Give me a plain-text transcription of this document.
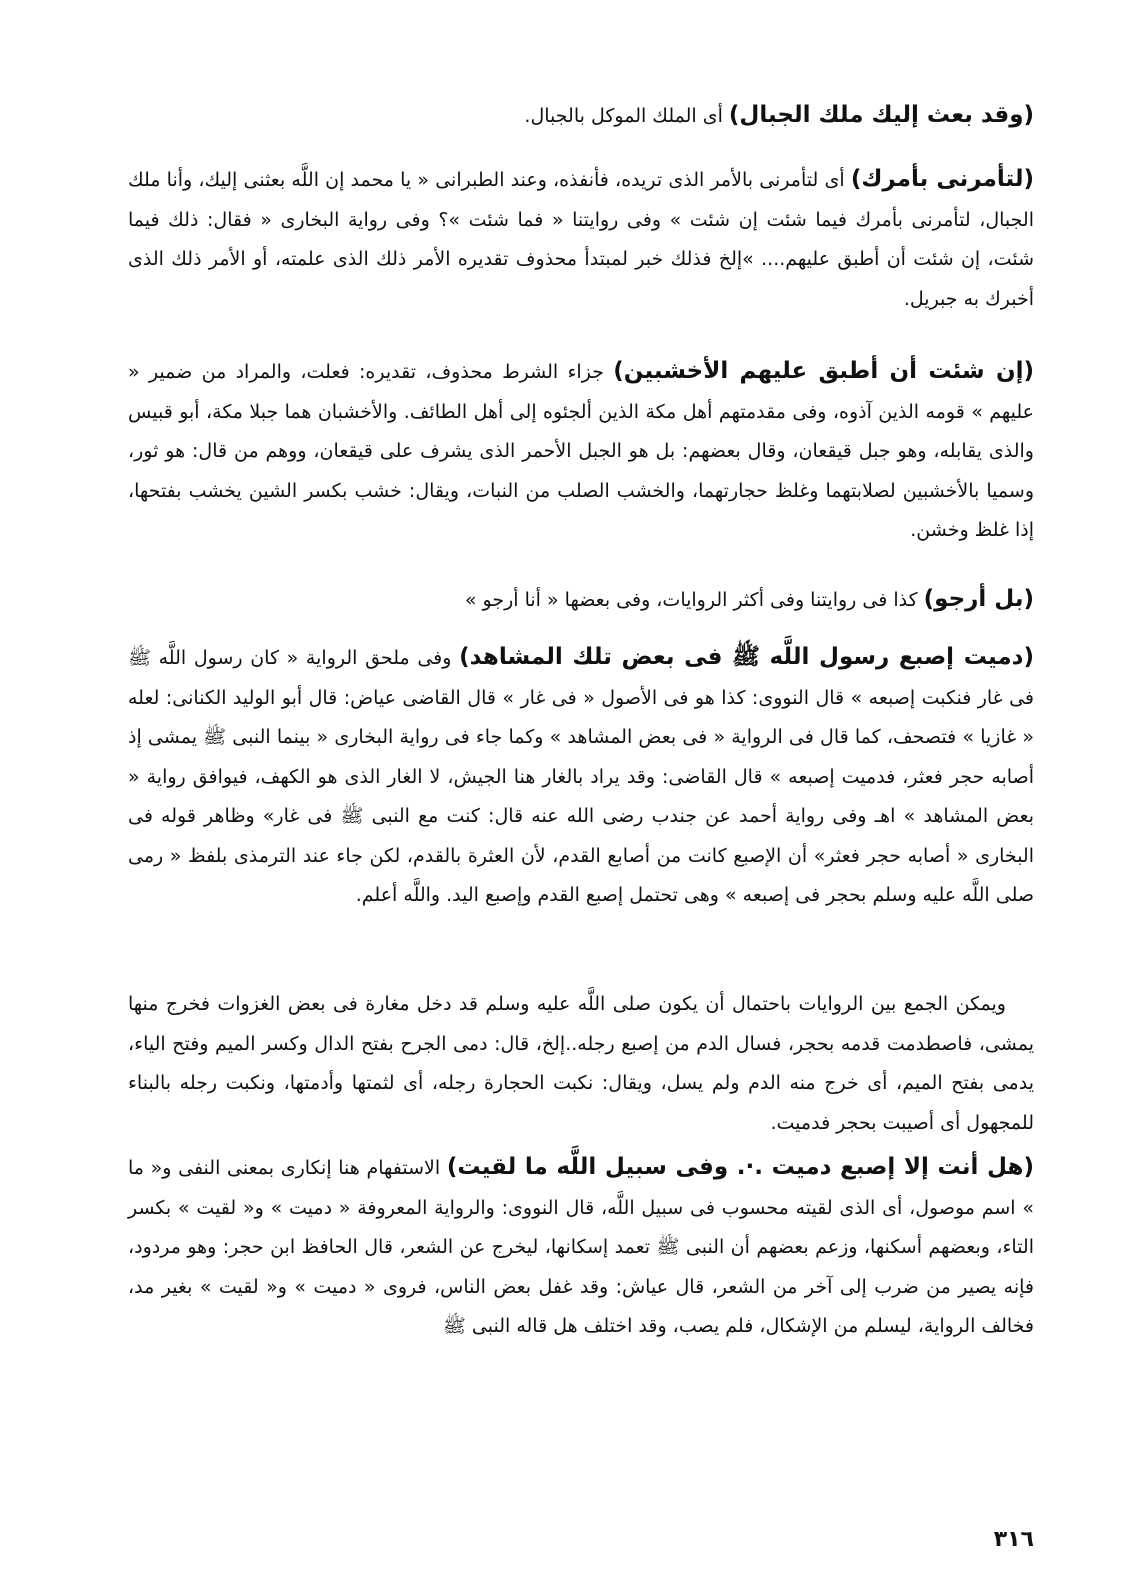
(وقد بعث إليك ملك الجبال) أى الملك الموكل بالجبال.

(لتأمرنى بأمرك) أى لتأمرنى بالأمر الذى تريده، فأنفذه، وعند الطبرانى « يا محمد إن اللَّه بعثنى إليك، وأنا ملك الجبال، لتأمرنى بأمرك فيما شئت إن شئت » وفى روايتنا « فما شئت »؟ وفى رواية البخارى « فقال: ذلك فيما شئت، إن شئت أن أطبق عليهم.... »إلخ فذلك خبر لمبتدأ محذوف تقديره الأمر ذلك الذى علمته، أو الأمر ذلك الذى أخبرك به جبريل.

(إن شئت أن أطبق عليهم الأخشبين) جزاء الشرط محذوف، تقديره: فعلت، والمراد من ضمير « عليهم » قومه الذين آذوه، وفى مقدمتهم أهل مكة الذين ألجئوه إلى أهل الطائف. والأخشبان هما جبلا مكة، أبو قبيس والذى يقابله، وهو جبل قيقعان، وقال بعضهم: بل هو الجبل الأحمر الذى يشرف على قيقعان، ووهم من قال: هو ثور، وسميا بالأخشبين لصلابتهما وغلظ حجارتهما، والخشب الصلب من النبات، ويقال: خشب بكسر الشين يخشب بفتحها، إذا غلظ وخشن.

(بل أرجو) كذا فى روايتنا وفى أكثر الروايات، وفى بعضها « أنا أرجو »

(دميت إصبع رسول اللَّه ﷺ فى بعض تلك المشاهد) وفى ملحق الرواية « كان رسول اللَّه ﷺ فى غار فنكبت إصبعه » قال النووى: كذا هو فى الأصول « فى غار » قال القاضى عياض: قال أبو الوليد الكنانى: لعله « غازيا » فتصحف، كما قال فى الرواية « فى بعض المشاهد » وكما جاء فى رواية البخارى « بينما النبى ﷺ يمشى إذ أصابه حجر فعثر، فدميت إصبعه » قال القاضى: وقد يراد بالغار هنا الجيش، لا الغار الذى هو الكهف، فيوافق رواية « بعض المشاهد » اهـ وفى رواية أحمد عن جندب رضى الله عنه قال: كنت مع النبى ﷺ فى غار» وظاهر قوله فى البخارى « أصابه حجر فعثر» أن الإصبع كانت من أصابع القدم، لأن العثرة بالقدم، لكن جاء عند الترمذى بلفظ « رمى صلى اللَّه عليه وسلم بحجر فى إصبعه » وهى تحتمل إصبع القدم وإصبع اليد. واللَّه أعلم.

ويمكن الجمع بين الروايات باحتمال أن يكون صلى اللَّه عليه وسلم قد دخل مغارة فى بعض الغزوات فخرج منها يمشى، فاصطدمت قدمه بحجر، فسال الدم من إصبع رجله..إلخ، قال: دمى الجرح بفتح الدال وكسر الميم وفتح الياء، يدمى بفتح الميم، أى خرج منه الدم ولم يسل، ويقال: نكبت الحجارة رجله، أى لثمتها وأدمتها، ونكبت رجله بالبناء للمجهول أى أصيبت بحجر فدميت.

(هل أنت إلا إصبع دميت .·. وفى سبيل اللَّه ما لقيت) الاستفهام هنا إنكارى بمعنى النفى و« ما » اسم موصول، أى الذى لقيته محسوب فى سبيل اللَّه، قال النووى: والرواية المعروفة « دميت » و« لقيت » بكسر التاء، وبعضهم أسكنها، وزعم بعضهم أن النبى ﷺ تعمد إسكانها، ليخرج عن الشعر، قال الحافظ ابن حجر: وهو مردود، فإنه يصير من ضرب إلى آخر من الشعر، قال عياش: وقد غفل بعض الناس، فروى « دميت » و« لقيت » بغير مد، فخالف الرواية، ليسلم من الإشكال، فلم يصب، وقد اختلف هل قاله النبى ﷺ

٣١٦
